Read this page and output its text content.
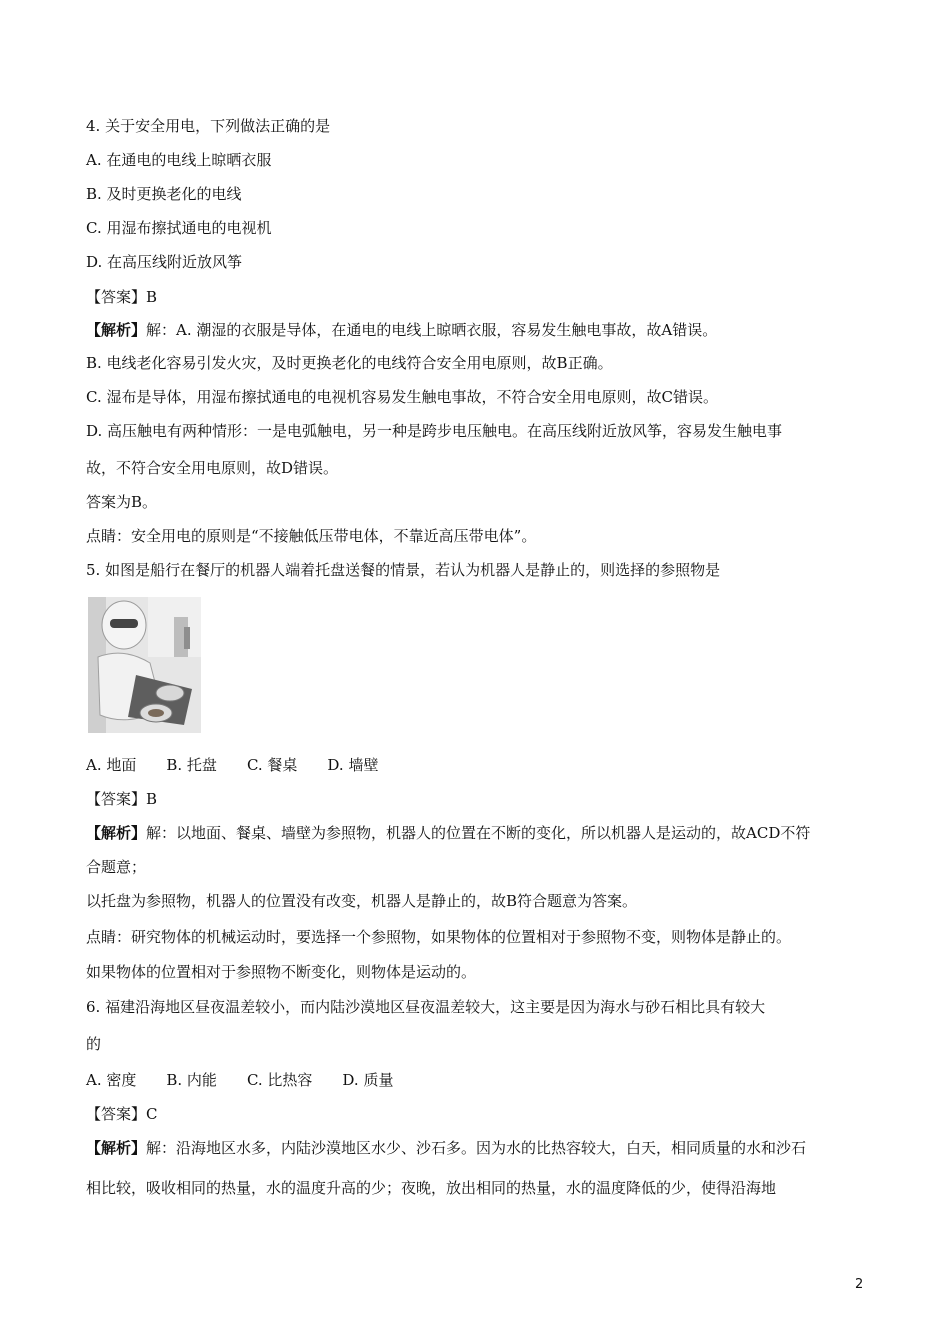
4. 关于安全用电，下列做法正确的是
A. 在通电的电线上晾晒衣服
B. 及时更换老化的电线
C. 用湿布擦拭通电的电视机
D. 在高压线附近放风筝
【答案】B
【解析】解：A. 潮湿的衣服是导体，在通电的电线上晾晒衣服，容易发生触电事故，故A错误。
B. 电线老化容易引发火灾，及时更换老化的电线符合安全用电原则，故B正确。
C. 湿布是导体，用湿布擦拭通电的电视机容易发生触电事故，不符合安全用电原则，故C错误。
D. 高压触电有两种情形：一是电弧触电，另一种是跨步电压触电。在高压线附近放风筝，容易发生触电事
故，不符合安全用电原则，故D错误。
答案为B。
点睛：安全用电的原则是“不接触低压带电体，不靠近高压带电体”。
5. 如图是船行在餐厅的机器人端着托盘送餐的情景，若认为机器人是静止的，则选择的参照物是
A. 地面 B. 托盘 C. 餐桌 D. 墙壁
【答案】B
【解析】解：以地面、餐桌、墙壁为参照物，机器人的位置在不断的变化，所以机器人是运动的，故ACD不符
合题意；
以托盘为参照物，机器人的位置没有改变，机器人是静止的，故B符合题意为答案。
点睛：研究物体的机械运动时，要选择一个参照物，如果物体的位置相对于参照物不变，则物体是静止的。
如果物体的位置相对于参照物不断变化，则物体是运动的。
6. 福建沿海地区昼夜温差较小，而内陆沙漠地区昼夜温差较大，这主要是因为海水与砂石相比具有较大
的
A. 密度 B. 内能 C. 比热容 D. 质量
【答案】C
【解析】解：沿海地区水多，内陆沙漠地区水少、沙石多。因为水的比热容较大，白天，相同质量的水和沙石
相比较，吸收相同的热量，水的温度升高的少；夜晚，放出相同的热量，水的温度降低的少，使得沿海地
2
